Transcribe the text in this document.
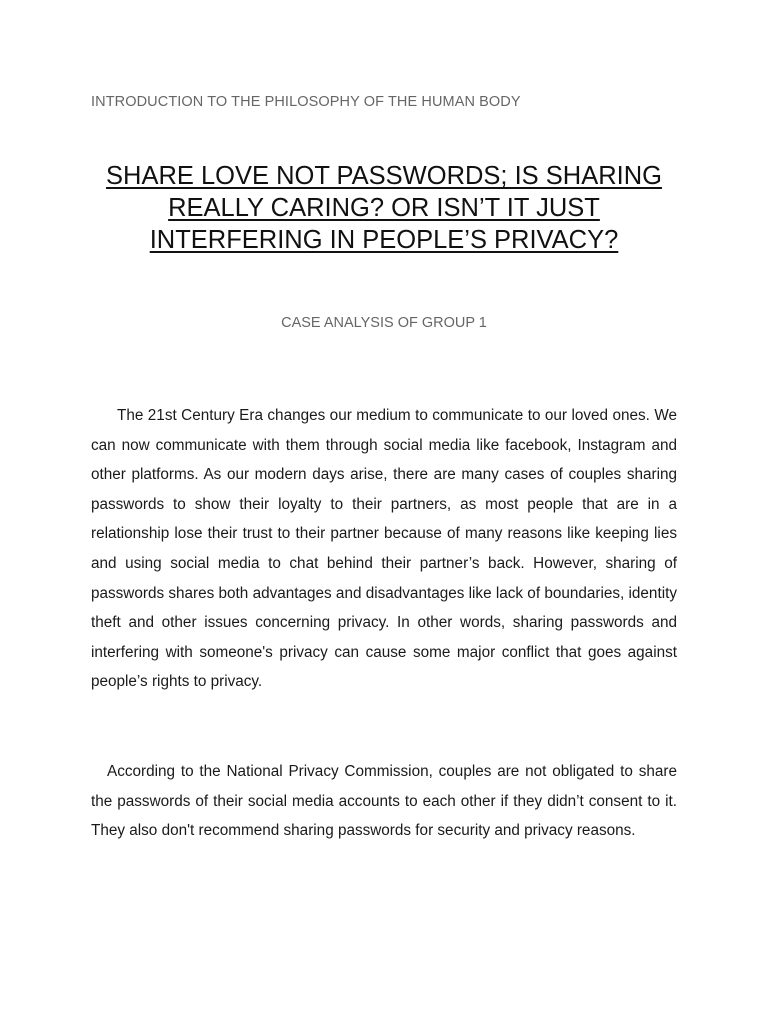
INTRODUCTION TO THE PHILOSOPHY OF THE HUMAN BODY
SHARE LOVE NOT PASSWORDS; IS SHARING
REALLY CARING? OR ISN’T IT JUST
INTERFERING IN PEOPLE’S PRIVACY?
CASE ANALYSIS OF GROUP 1

The 21st Century Era changes our medium to communicate to our loved ones. We can now communicate with them through social media like facebook, Instagram and other platforms. As our modern days arise, there are many cases of couples sharing passwords to show their loyalty to their partners, as most people that are in a relationship lose their trust to their partner because of many reasons like keeping lies and using social media to chat behind their partner’s back. However, sharing of passwords shares both advantages and disadvantages like lack of boundaries, identity theft and other issues concerning privacy. In other words, sharing passwords and interfering with someone's privacy can cause some major conflict that goes against people’s rights to privacy.

According to the National Privacy Commission, couples are not obligated to share the passwords of their social media accounts to each other if they didn’t consent to it. They also don't recommend sharing passwords for security and privacy reasons.
